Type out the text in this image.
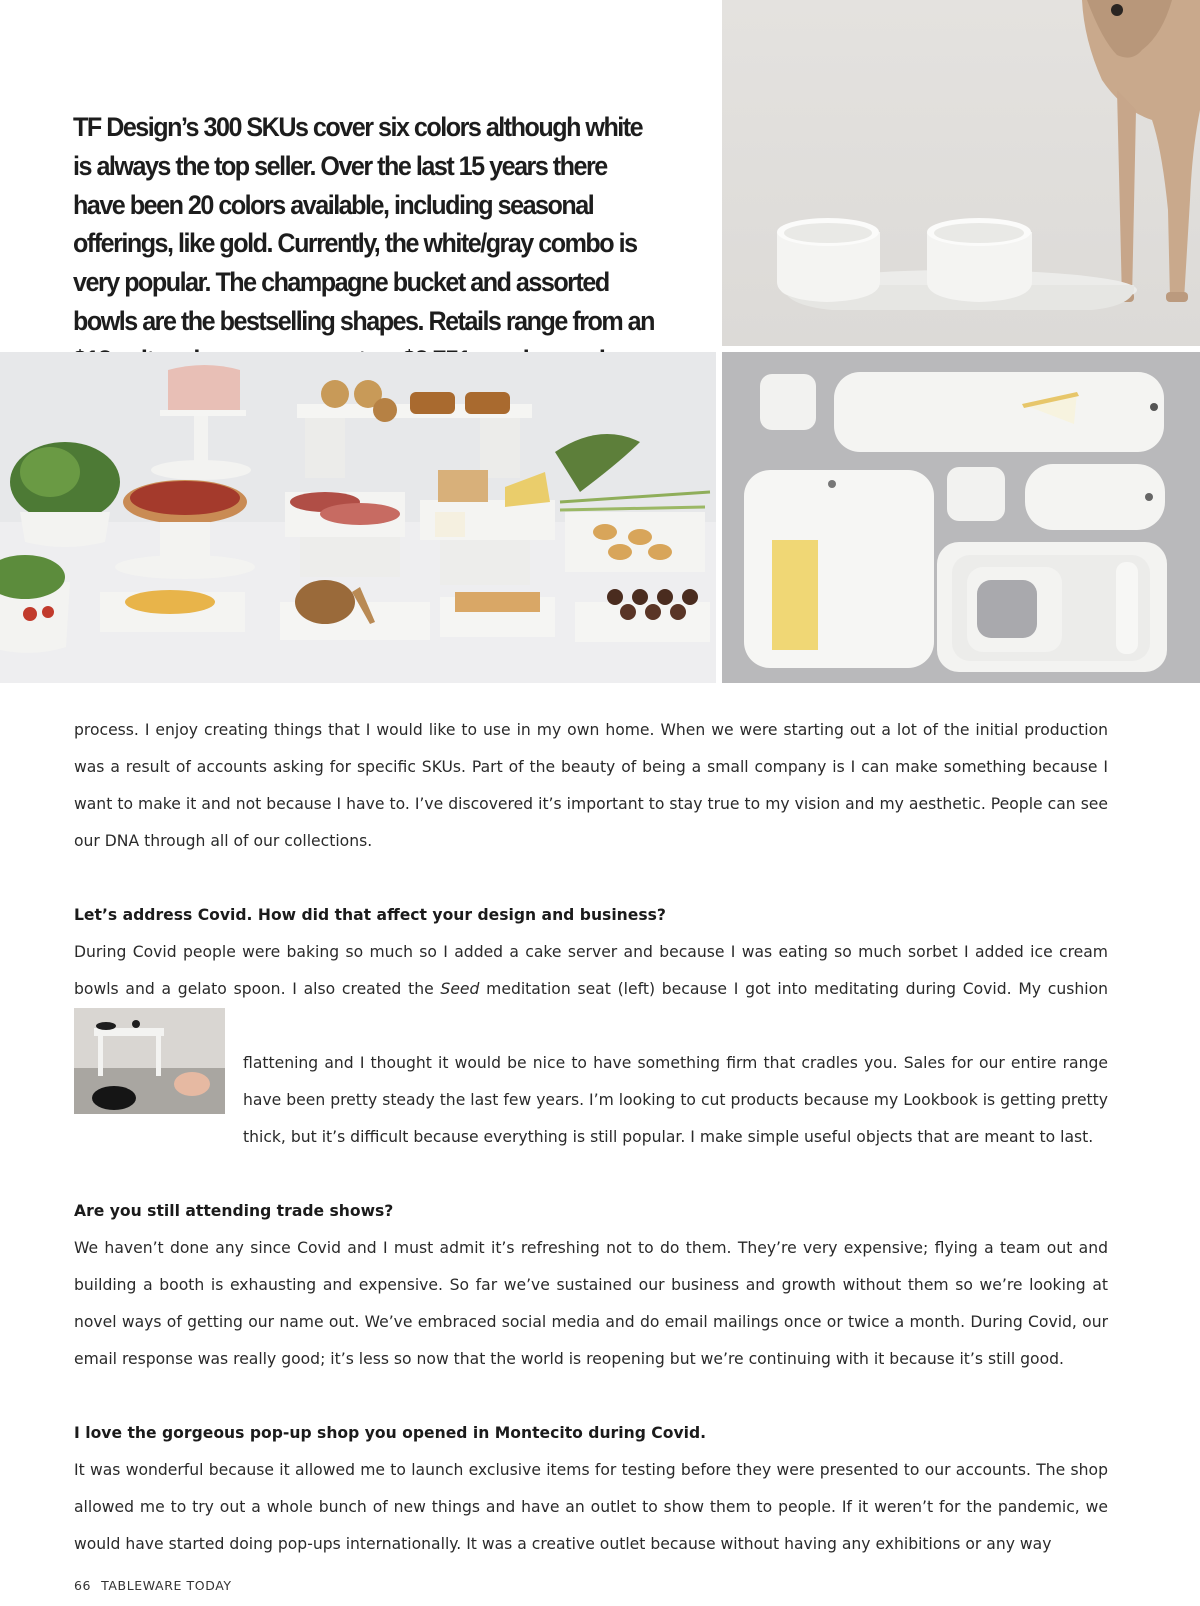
TF Design’s 300 SKUs cover six colors although white is always the top seller. Over the last 15 years there have been 20 colors available, including seasonal offerings, like gold. Currently, the white/gray combo is very popular. The champagne bucket and assorted bowls are the bestselling shapes. Retails range from an

process. I enjoy creating things that I would like to use in my own home. When we were starting out a lot of the initial production was a result of accounts asking for specific SKUs. Part of the beauty of being a small company is I can make something because I want to make it and not because I have to. I’ve discovered it’s important to stay true to my vision and my aesthetic. People can see our DNA through all of our collections.

Let’s address Covid. How did that affect your design and business?

During Covid people were baking so much so I added a cake server and because I was eating so much sorbet I added ice cream bowls and a gelato spoon. I also created the Seed meditation seat (left) because I got into meditating during Covid. My cushion

flattening and I thought it would be nice to have something firm that cradles you. Sales for our entire range have been pretty steady the last few years. I’m looking to cut products because my Lookbook is getting pretty thick, but it’s difficult because everything is still popular. I make simple useful objects that are meant to last.

Are you still attending trade shows?

We haven’t done any since Covid and I must admit it’s refreshing not to do them. They’re very expensive; flying a team out and building a booth is exhausting and expensive. So far we’ve sustained our business and growth without them so we’re looking at novel ways of getting our name out. We’ve embraced social media and do email mailings once or twice a month. During Covid, our email response was really good; it’s less so now that the world is reopening but we’re continuing with it because it’s still good.

I love the gorgeous pop-up shop you opened in Montecito during Covid.

It was wonderful because it allowed me to launch exclusive items for testing before they were presented to our accounts. The shop allowed me to try out a whole bunch of new things and have an outlet to show them to people. If it weren’t for the pandemic, we would have started doing pop-ups internationally. It was a creative outlet because without having any exhibitions or any way

66 TABLEWARE TODAY
